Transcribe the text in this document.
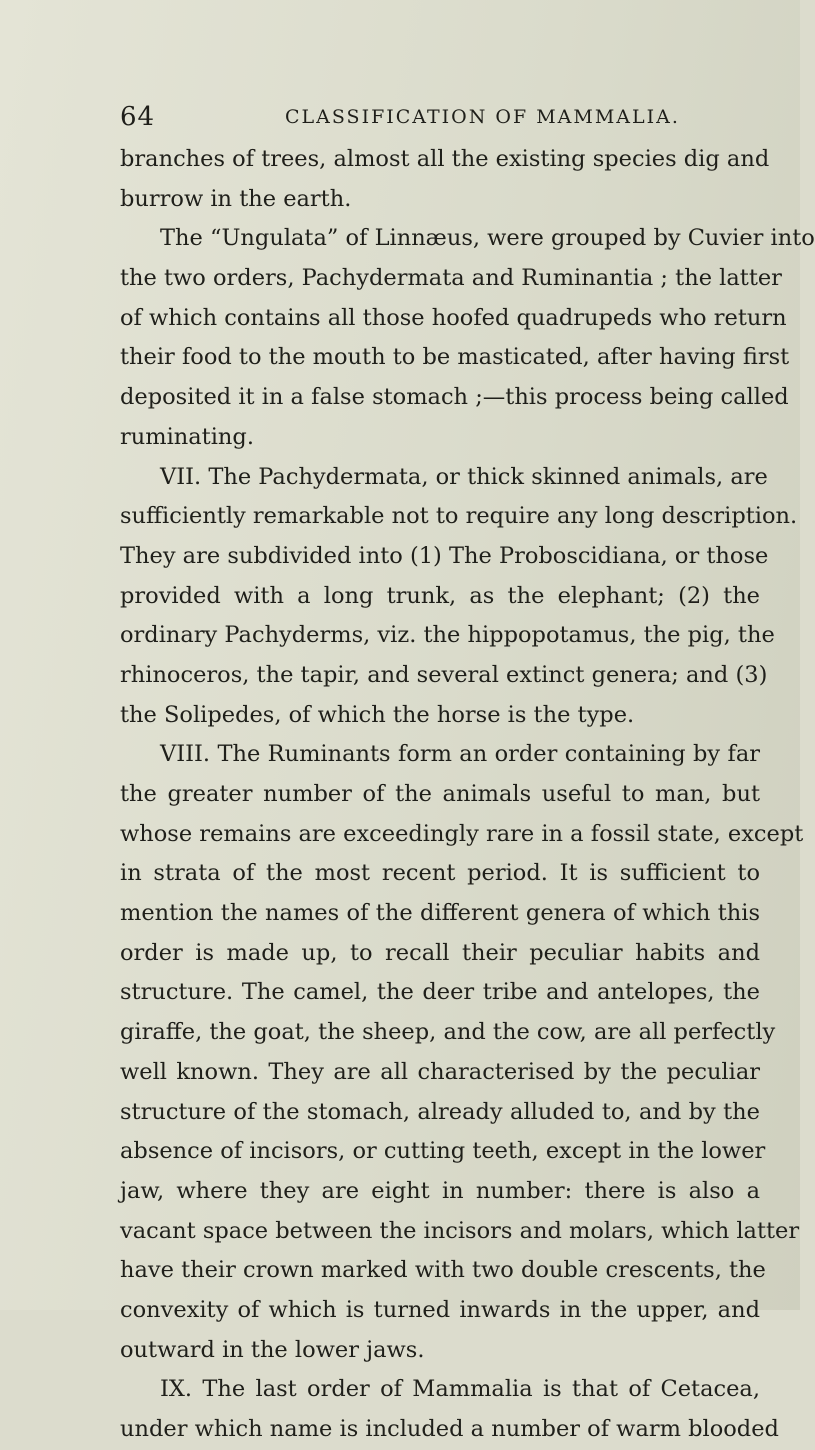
64	CLASSIFICATION OF MAMMALIA.
branches of trees, almost all the existing species dig and
burrow in the earth.
The “Ungulata” of Linnæus, were grouped by Cuvier into
the two orders, Pachydermata and Ruminantia ; the latter
of which contains all those hoofed quadrupeds who return
their food to the mouth to be masticated, after having first
deposited it in a false stomach ;—this process being called
ruminating.
VII. The Pachydermata, or thick skinned animals, are
sufficiently remarkable not to require any long description.
They are subdivided into (1) The Proboscidiana, or those
provided with a long trunk, as the elephant; (2) the
ordinary Pachyderms, viz. the hippopotamus, the pig, the
rhinoceros, the tapir, and several extinct genera; and (3)
the Solipedes, of which the horse is the type.
VIII. The Ruminants form an order containing by far
the greater number of the animals useful to man, but
whose remains are exceedingly rare in a fossil state, except
in strata of the most recent period. It is sufficient to
mention the names of the different genera of which this
order is made up, to recall their peculiar habits and
structure. The camel, the deer tribe and antelopes, the
giraffe, the goat, the sheep, and the cow, are all perfectly
well known. They are all characterised by the peculiar
structure of the stomach, already alluded to, and by the
absence of incisors, or cutting teeth, except in the lower
jaw, where they are eight in number: there is also a
vacant space between the incisors and molars, which latter
have their crown marked with two double crescents, the
convexity of which is turned inwards in the upper, and
outward in the lower jaws.
IX. The last order of Mammalia is that of Cetacea,
under which name is included a number of warm blooded
